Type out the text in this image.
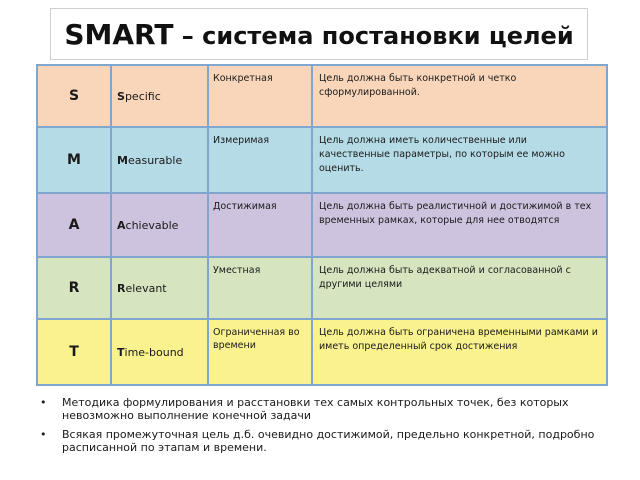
SMART – система постановки целей
S	Specific	Конкретная	Цель должна быть конкретной и четко сформулированной.
M	Measurable	Измеримая	Цель должна иметь количественные или качественные параметры, по которым ее можно оценить.
A	Achievable	Достижимая	Цель должна быть реалистичной и достижимой в тех временных рамках, которые для нее отводятся
R	Relevant	Уместная	Цель должна быть адекватной и согласованной с другими целями
T	Time-bound	Ограниченная во времени	Цель должна быть ограничена временными рамками и иметь определенный срок достижения
• Методика формулирования и расстановки тех самых контрольных точек, без которых невозможно выполнение конечной задачи
• Всякая промежуточная цель д.б. очевидно достижимой, предельно конкретной, подробно расписанной по этапам и времени.
